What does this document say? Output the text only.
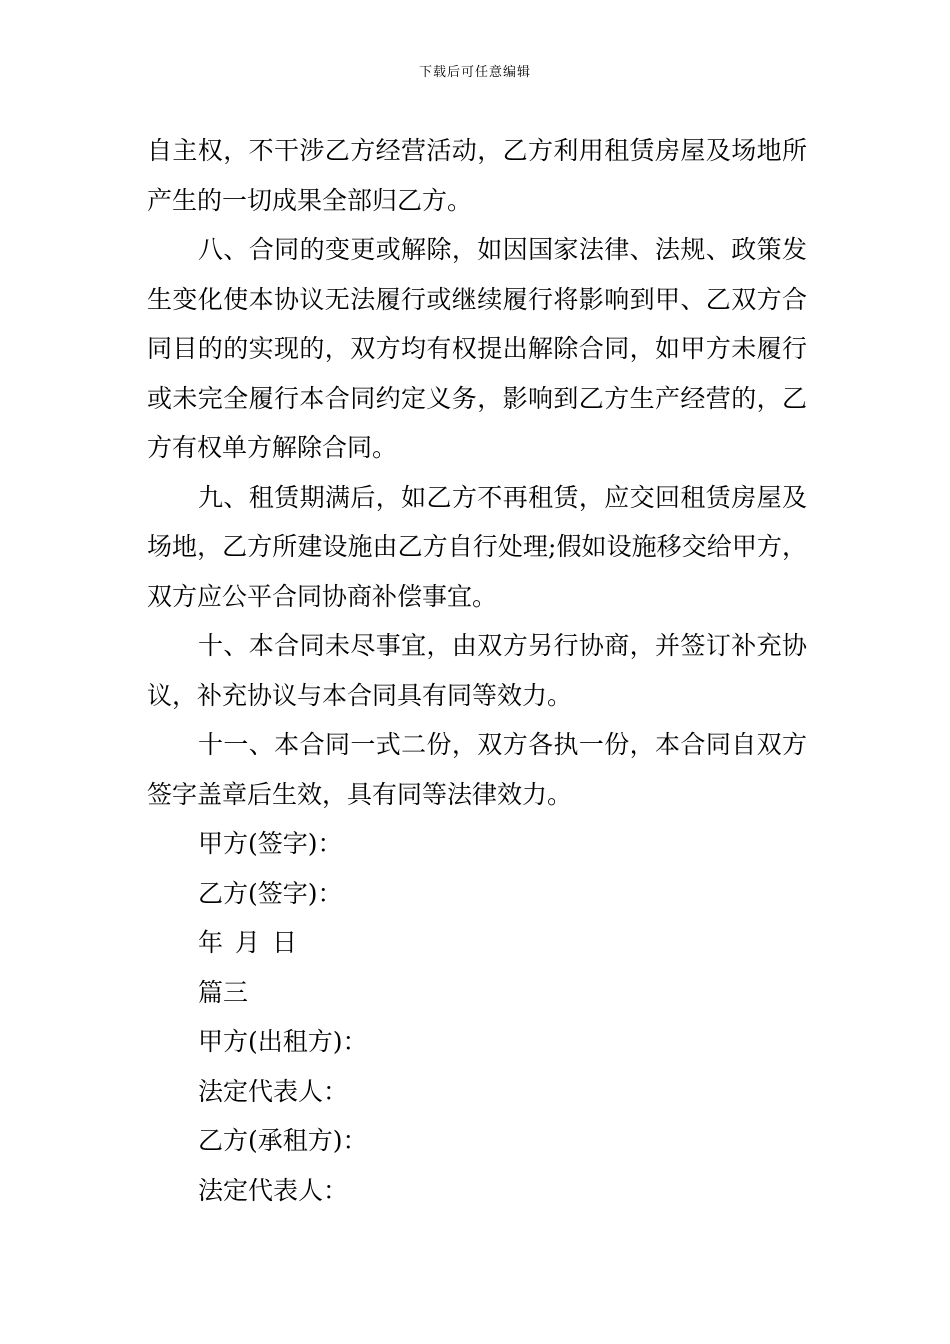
下载后可任意编辑

自主权，不干涉乙方经营活动，乙方利用租赁房屋及场地所产生的一切成果全部归乙方。

八、合同的变更或解除，如因国家法律、法规、政策发生变化使本协议无法履行或继续履行将影响到甲、乙双方合同目的的实现的，双方均有权提出解除合同，如甲方未履行或未完全履行本合同约定义务，影响到乙方生产经营的，乙方有权单方解除合同。

九、租赁期满后，如乙方不再租赁，应交回租赁房屋及场地，乙方所建设施由乙方自行处理;假如设施移交给甲方，双方应公平合同协商补偿事宜。

十、本合同未尽事宜，由双方另行协商，并签订补充协议，补充协议与本合同具有同等效力。

十一、本合同一式二份，双方各执一份，本合同自双方签字盖章后生效，具有同等法律效力。

甲方(签字)：

乙方(签字)：

年 月 日

篇三

甲方(出租方)：

法定代表人：

乙方(承租方)：

法定代表人：
